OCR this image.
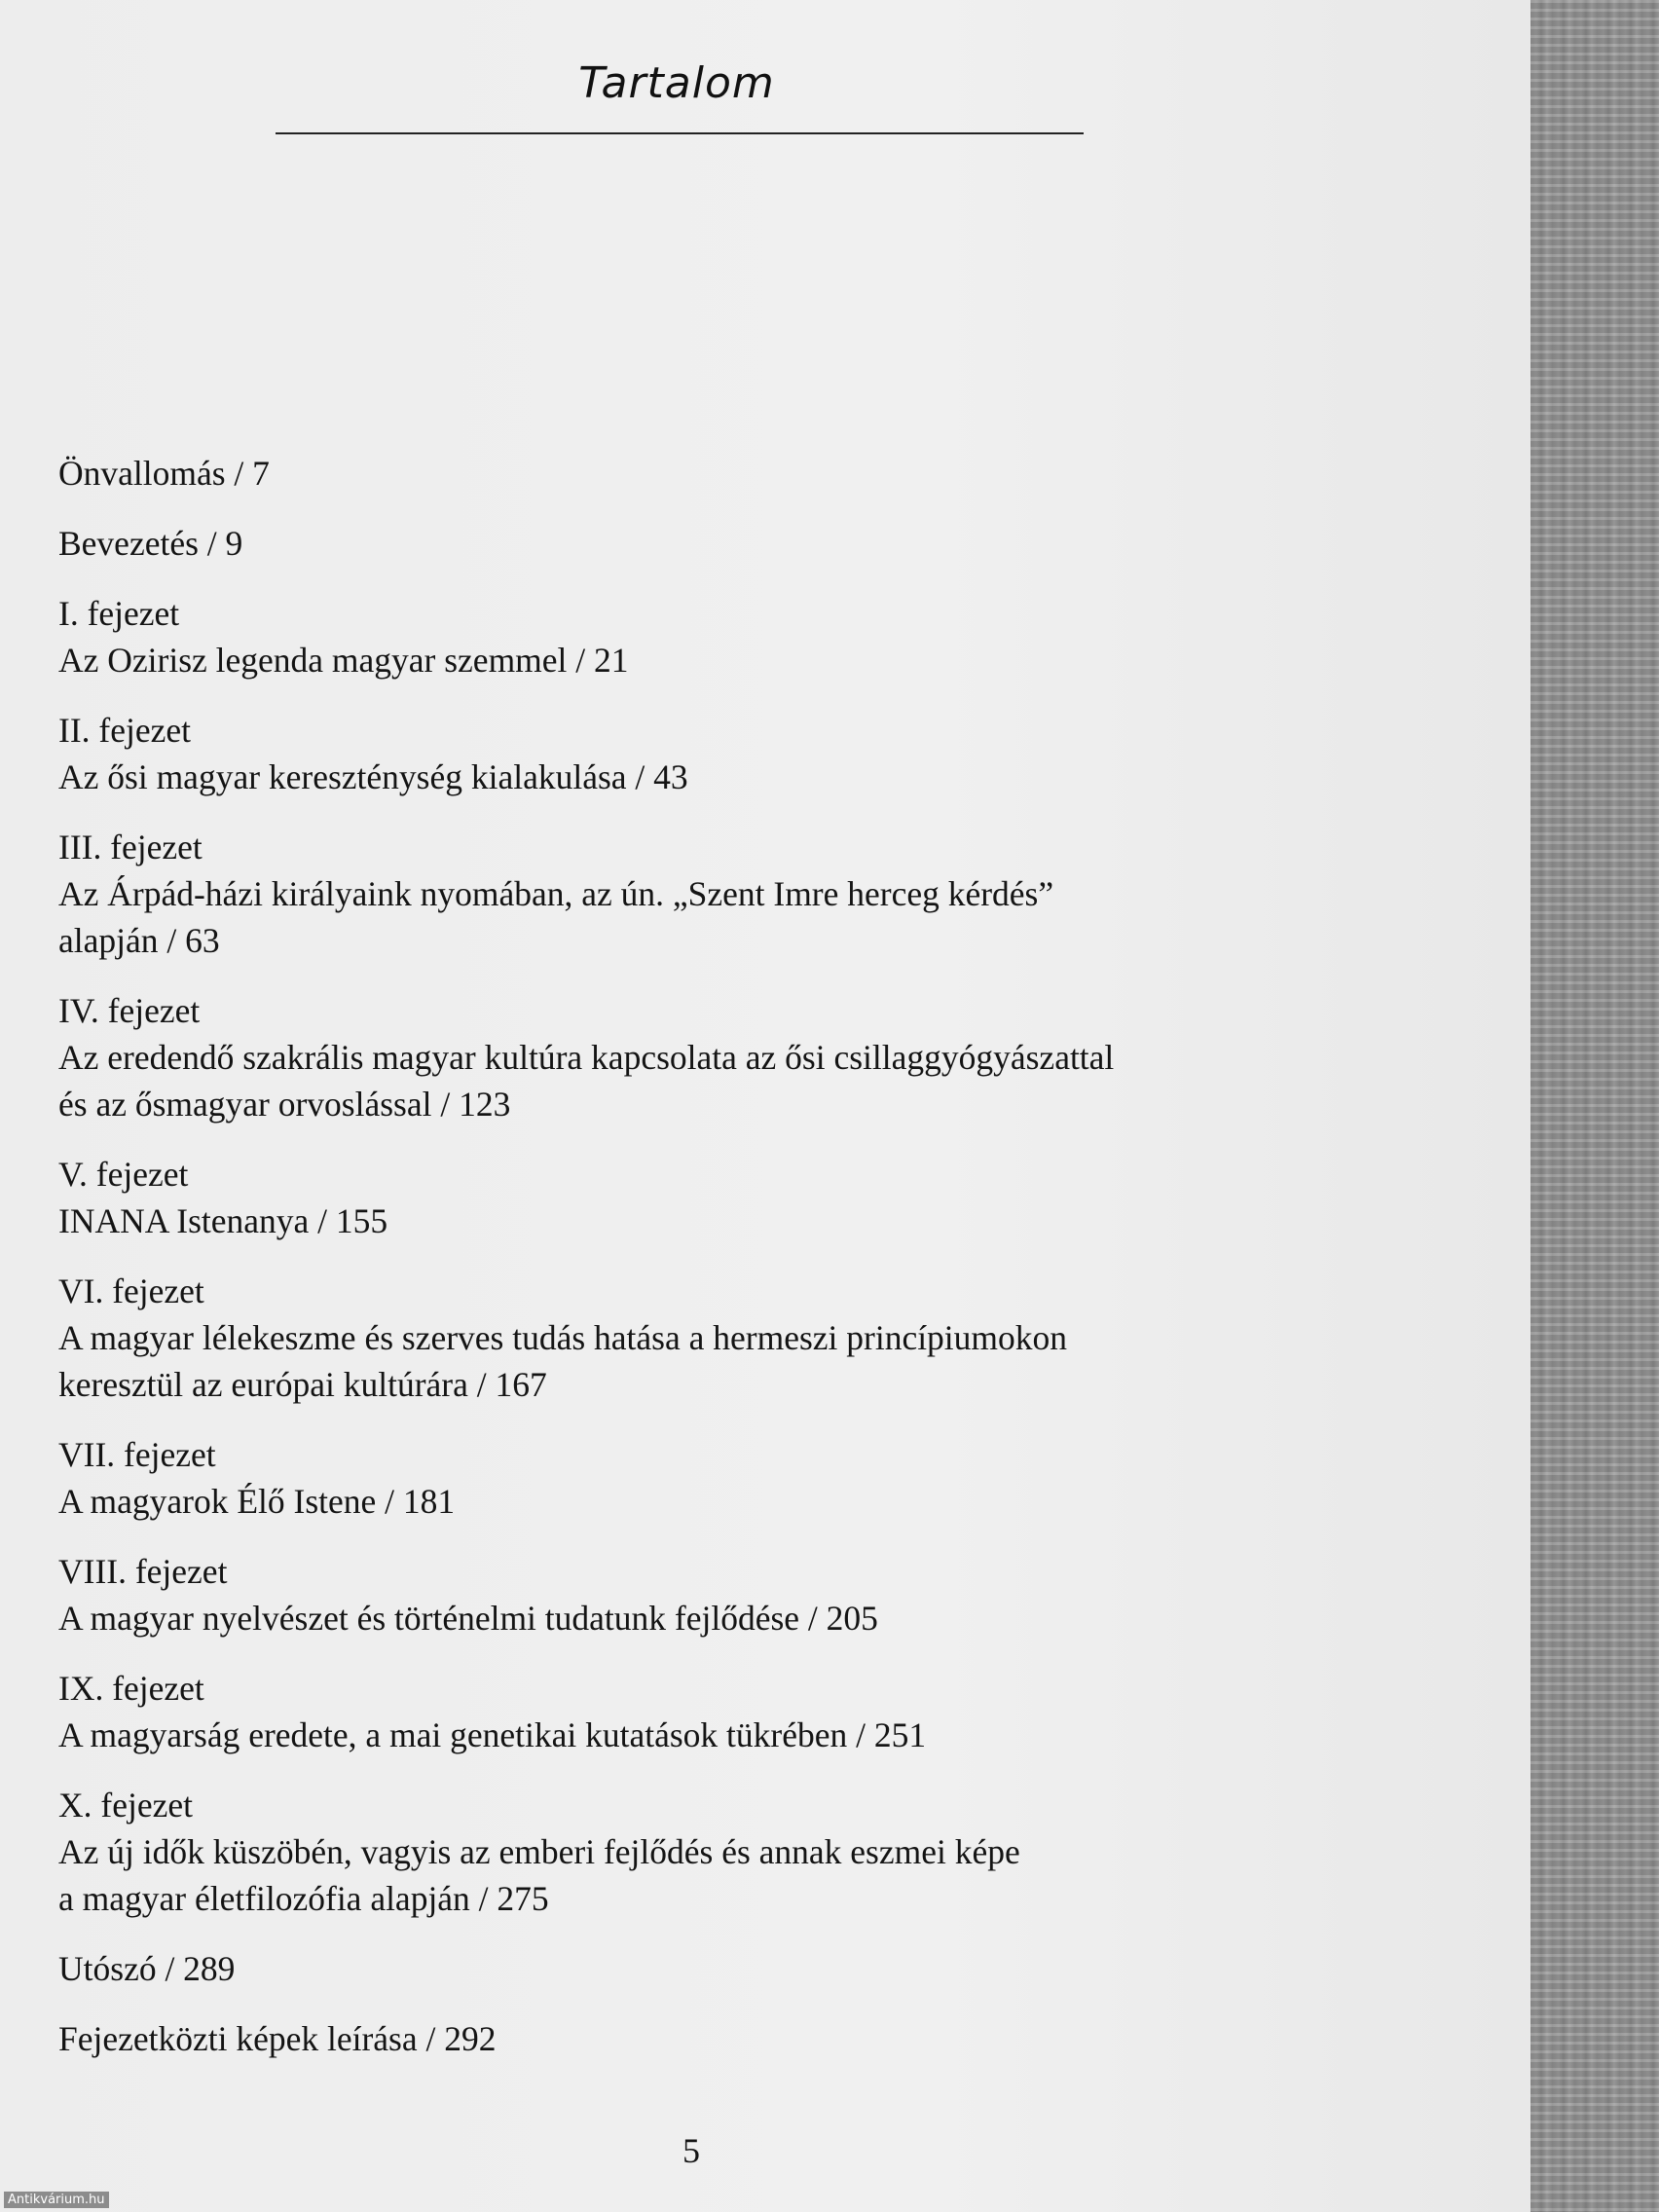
Tartalom
Önvallomás / 7
Bevezetés / 9
I. fejezet
Az Ozirisz legenda magyar szemmel / 21
II. fejezet
Az ősi magyar kereszténység kialakulása / 43
III. fejezet
Az Árpád-házi királyaink nyomában, az ún. „Szent Imre herceg kérdés”
alapján / 63
IV. fejezet
Az eredendő szakrális magyar kultúra kapcsolata az ősi csillaggyógyászattal
és az ősmagyar orvoslással / 123
V. fejezet
INANA Istenanya / 155
VI. fejezet
A magyar lélekeszme és szerves tudás hatása a hermeszi princípiumokon
keresztül az európai kultúrára / 167
VII. fejezet
A magyarok Élő Istene / 181
VIII. fejezet
A magyar nyelvészet és történelmi tudatunk fejlődése / 205
IX. fejezet
A magyarság eredete, a mai genetikai kutatások tükrében / 251
X. fejezet
Az új idők küszöbén, vagyis az emberi fejlődés és annak eszmei képe
a magyar életfilozófia alapján / 275
Utószó / 289
Fejezetközti képek leírása / 292
5
Antikvárium.hu
